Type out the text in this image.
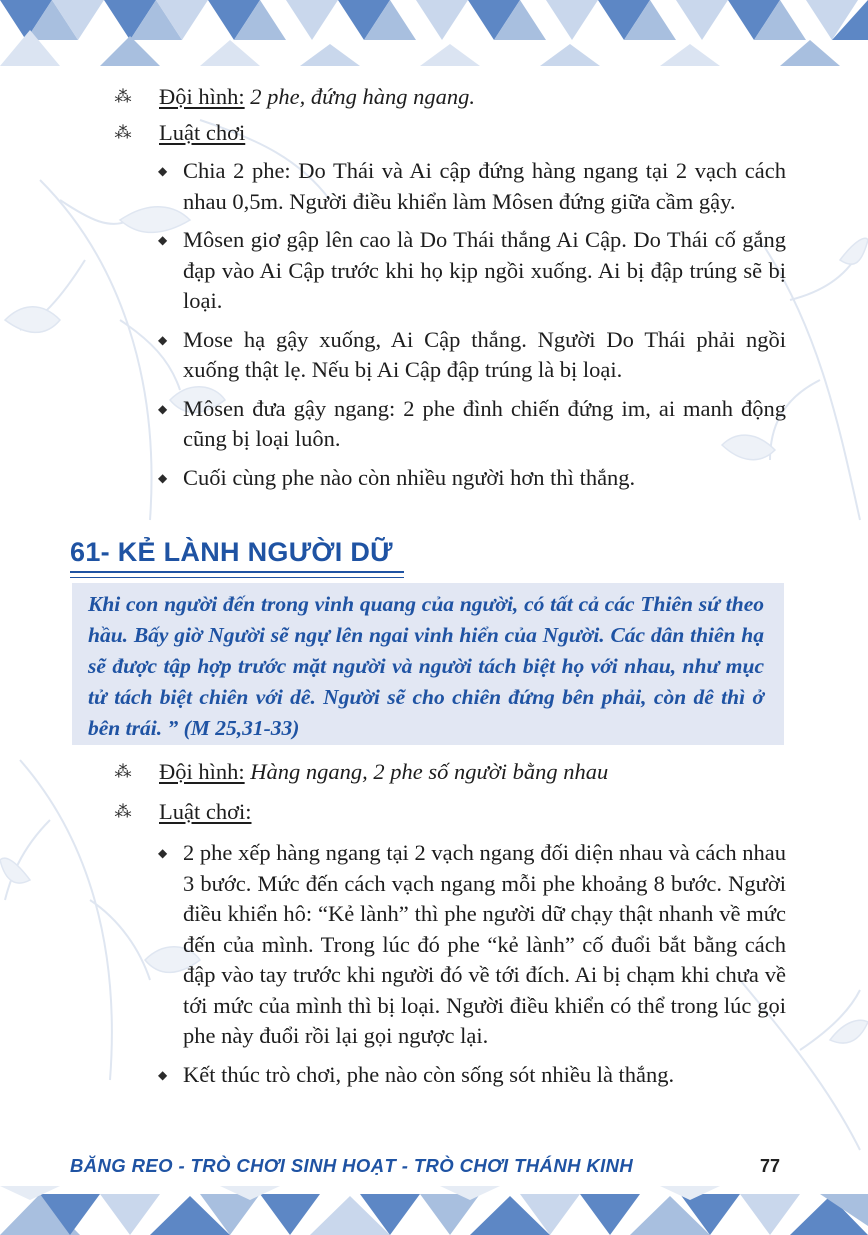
⁂ Đội hình: 2 phe, đứng hàng ngang.
⁂ Luật chơi
◆ Chia 2 phe: Do Thái và Ai cập đứng hàng ngang tại 2 vạch cách nhau 0,5m. Người điều khiển làm Môsen đứng giữa cầm gậy.
◆ Môsen giơ gập lên cao là Do Thái thắng Ai Cập. Do Thái cố gắng đạp vào Ai Cập trước khi họ kịp ngồi xuống. Ai bị đập trúng sẽ bị loại.
◆ Mose hạ gậy xuống, Ai Cập thắng. Người Do Thái phải ngồi xuống thật lẹ. Nếu bị Ai Cập đập trúng là bị loại.
◆ Môsen đưa gậy ngang: 2 phe đình chiến đứng im, ai manh động cũng bị loại luôn.
◆ Cuối cùng phe nào còn nhiều người hơn thì thắng.
61- KẺ LÀNH NGƯỜI DỮ
Khi con người đến trong vinh quang của người, có tất cả các Thiên sứ theo hầu. Bấy giờ Người sẽ ngự lên ngai vinh hiển của Người. Các dân thiên hạ sẽ được tập hợp trước mặt người và người tách biệt họ với nhau, như mục tử tách biệt chiên với dê. Người sẽ cho chiên đứng bên phải, còn dê thì ở bên trái. ” (M 25,31-33)
⁂ Đội hình: Hàng ngang, 2 phe số người bằng nhau
⁂ Luật chơi:
◆ 2 phe xếp hàng ngang tại 2 vạch ngang đối diện nhau và cách nhau 3 bước. Mức đến cách vạch ngang mỗi phe khoảng 8 bước. Người điều khiển hô: “Kẻ lành” thì phe người dữ chạy thật nhanh về mức đến của mình. Trong lúc đó phe “kẻ lành” cố đuổi bắt bằng cách đập vào tay trước khi người đó về tới đích. Ai bị chạm khi chưa về tới mức của mình thì bị loại. Người điều khiển có thể trong lúc gọi phe này đuổi rồi lại gọi ngược lại.
◆ Kết thúc trò chơi, phe nào còn sống sót nhiều là thắng.
BĂNG REO - TRÒ CHƠI SINH HOẠT - TRÒ CHƠI THÁNH KINH	77
